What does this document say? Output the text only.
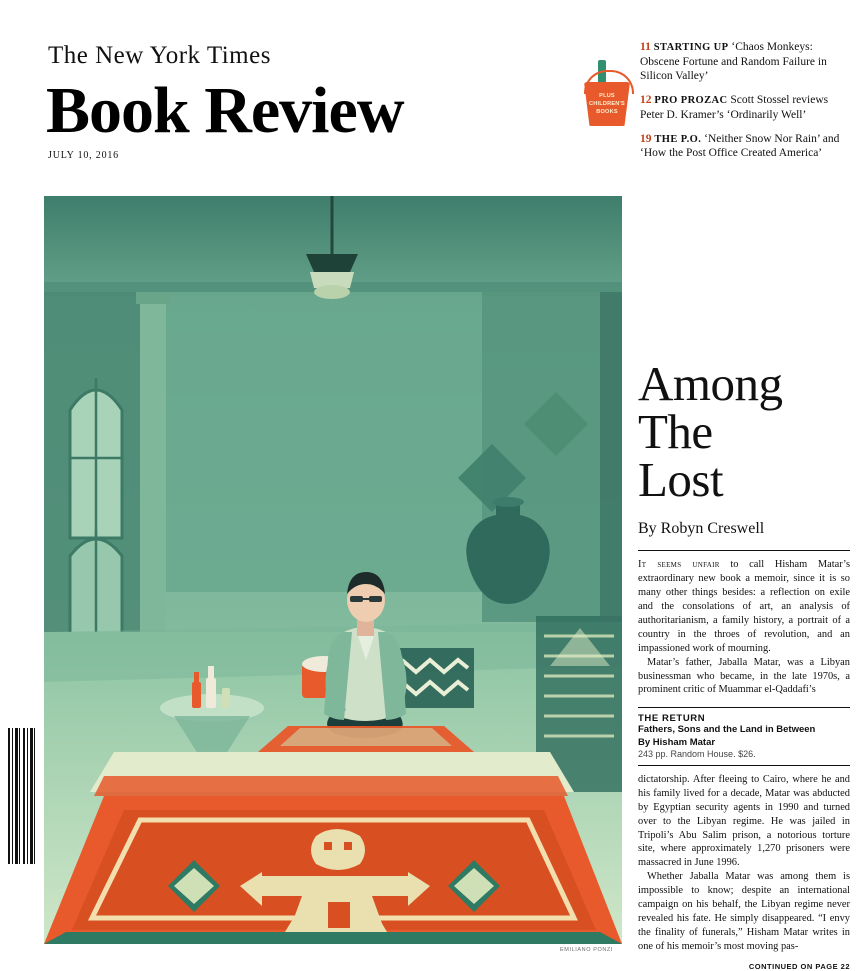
The New York Times
Book Review
JULY 10, 2016
PLUS
CHILDREN'S
BOOKS
11 STARTING UP ‘Chaos Monkeys: Obscene Fortune and Random Failure in Silicon Valley’
12 PRO PROZAC Scott Stossel reviews Peter D. Kramer’s ‘Ordinarily Well’
19 THE P.O. ‘Neither Snow Nor Rain’ and ‘How the Post Office Created America’
EMILIANO PONZI
Among
The
Lost
By Robyn Creswell

It seems unfair to call Hisham Matar’s extraordinary new book a memoir, since it is so many other things besides: a reflection on exile and the consolations of art, an analysis of authoritarianism, a family history, a portrait of a country in the throes of revolution, and an impassioned work of mourning.

Matar’s father, Jaballa Matar, was a Libyan businessman who became, in the late 1970s, a prominent critic of Muammar el-Qaddafi’s

THE RETURN
Fathers, Sons and the Land in Between
By Hisham Matar
243 pp. Random House. $26.

dictatorship. After fleeing to Cairo, where he and his family lived for a decade, Matar was abducted by Egyptian security agents in 1990 and turned over to the Libyan regime. He was jailed in Tripoli’s Abu Salim prison, a notorious torture site, where approximately 1,270 prisoners were massacred in June 1996.

Whether Jaballa Matar was among them is impossible to know; despite an international campaign on his behalf, the Libyan regime never revealed his fate. He simply disappeared. “I envy the finality of funerals,” Hisham Matar writes in one of his memoir’s most moving pas-

CONTINUED ON PAGE 22
